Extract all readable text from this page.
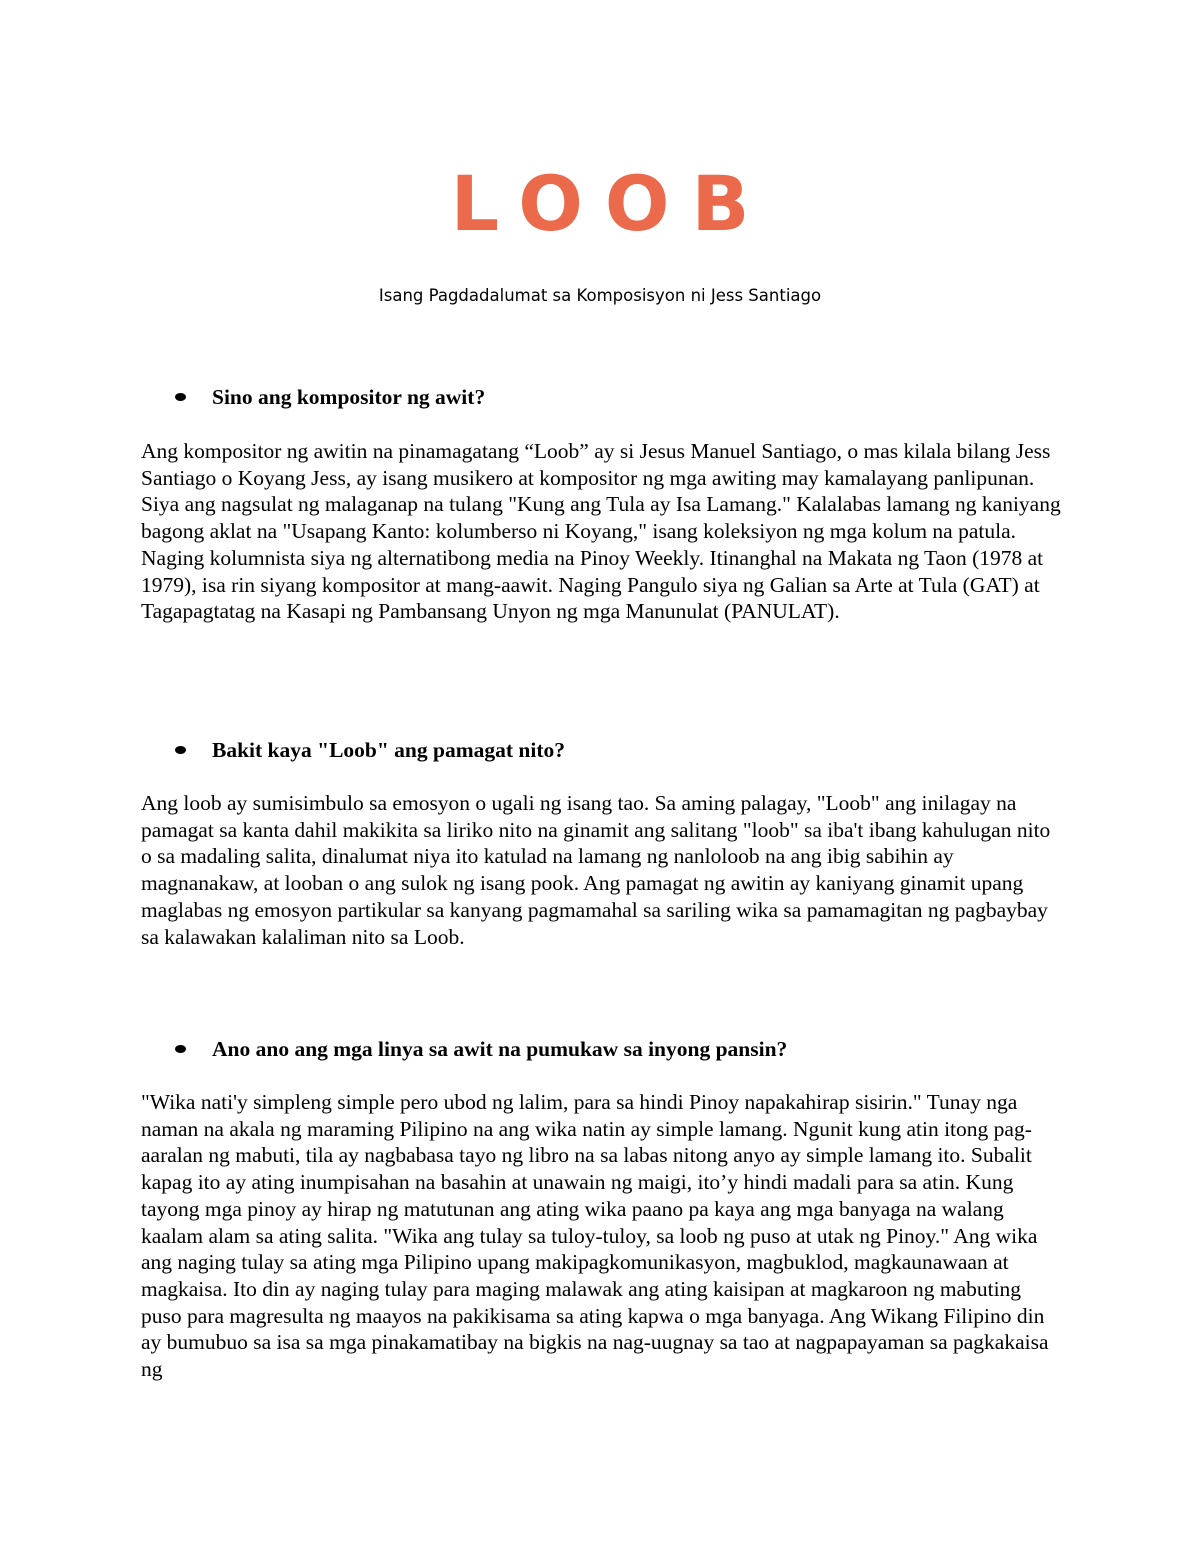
LOOB
Isang Pagdadalumat sa Komposisyon ni Jess Santiago
Sino ang kompositor ng awit?

Ang kompositor ng awitin na pinamagatang “Loob” ay si Jesus Manuel Santiago, o mas kilala bilang Jess Santiago o Koyang Jess, ay isang musikero at kompositor ng mga awiting may kamalayang panlipunan. Siya ang nagsulat ng malaganap na tulang "Kung ang Tula ay Isa Lamang." Kalalabas lamang ng kaniyang bagong aklat na "Usapang Kanto: kolumberso ni Koyang," isang koleksiyon ng mga kolum na patula. Naging kolumnista siya ng alternatibong media na Pinoy Weekly. Itinanghal na Makata ng Taon (1978 at 1979), isa rin siyang kompositor at mang-aawit. Naging Pangulo siya ng Galian sa Arte at Tula (GAT) at Tagapagtatag na Kasapi ng Pambansang Unyon ng mga Manunulat (PANULAT).

Bakit kaya "Loob" ang pamagat nito?

Ang loob ay sumisimbulo sa emosyon o ugali ng isang tao. Sa aming palagay, "Loob" ang inilagay na pamagat sa kanta dahil makikita sa liriko nito na ginamit ang salitang "loob" sa iba't ibang kahulugan nito o sa madaling salita, dinalumat niya ito katulad na lamang ng nanloloob na ang ibig sabihin ay magnanakaw, at looban o ang sulok ng isang pook. Ang pamagat ng awitin ay kaniyang ginamit upang maglabas ng emosyon partikular sa kanyang pagmamahal sa sariling wika sa pamamagitan ng pagbaybay sa kalawakan kalaliman nito sa Loob.

Ano ano ang mga linya sa awit na pumukaw sa inyong pansin?

"Wika nati'y simpleng simple pero ubod ng lalim, para sa hindi Pinoy napakahirap sisirin." Tunay nga naman na akala ng maraming Pilipino na ang wika natin ay simple lamang. Ngunit kung atin itong pag-aaralan ng mabuti, tila ay nagbabasa tayo ng libro na sa labas nitong anyo ay simple lamang ito. Subalit kapag ito ay ating inumpisahan na basahin at unawain ng maigi, ito’y hindi madali para sa atin. Kung tayong mga pinoy ay hirap ng matutunan ang ating wika paano pa kaya ang mga banyaga na walang kaalam alam sa ating salita. "Wika ang tulay sa tuloy-tuloy, sa loob ng puso at utak ng Pinoy." Ang wika ang naging tulay sa ating mga Pilipino upang makipagkomunikasyon, magbuklod, magkaunawaan at magkaisa. Ito din ay naging tulay para maging malawak ang ating kaisipan at magkaroon ng mabuting puso para magresulta ng maayos na pakikisama sa ating kapwa o mga banyaga. Ang Wikang Filipino din ay bumubuo sa isa sa mga pinakamatibay na bigkis na nag-uugnay sa tao at nagpapayaman sa pagkakaisa ng
